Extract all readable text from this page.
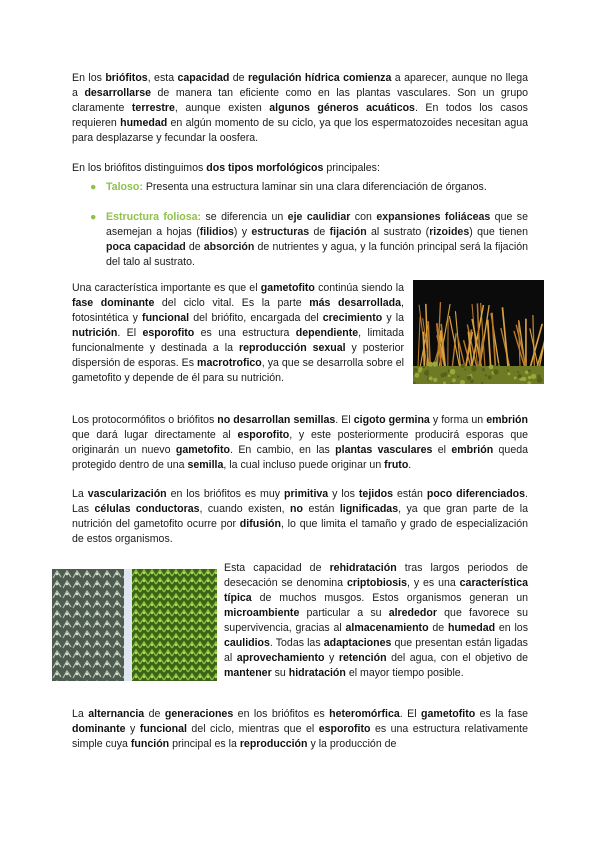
En los briófitos, esta capacidad de regulación hídrica comienza a aparecer, aunque no llega a desarrollarse de manera tan eficiente como en las plantas vasculares. Son un grupo claramente terrestre, aunque existen algunos géneros acuáticos. En todos los casos requieren humedad en algún momento de su ciclo, ya que los espermatozoides necesitan agua para desplazarse y fecundar la oosfera.

En los briófitos distinguimos dos tipos morfológicos principales:

● Taloso: Presenta una estructura laminar sin una clara diferenciación de órganos.
● Estructura foliosa: se diferencia un eje caulidiar con expansiones foliáceas que se asemejan a hojas (filidios) y estructuras de fijación al sustrato (rizoides) que tienen poca capacidad de absorción de nutrientes y agua, y la función principal será la fijación del talo al sustrato.

Una característica importante es que el gametofito continúa siendo la fase dominante del ciclo vital. Es la parte más desarrollada, fotosintética y funcional del briófito, encargada del crecimiento y la nutrición. El esporofito es una estructura dependiente, limitada funcionalmente y destinada a la reproducción sexual y posterior dispersión de esporas. Es macrotrofico, ya que se desarrolla sobre el gametofito y depende de él para su nutrición.

Los protocormófitos o briófitos no desarrollan semillas. El cigoto germina y forma un embrión que dará lugar directamente al esporofito, y este posteriormente producirá esporas que originarán un nuevo gametofito. En cambio, en las plantas vasculares el embrión queda protegido dentro de una semilla, la cual incluso puede originar un fruto.

La vascularización en los briófitos es muy primitiva y los tejidos están poco diferenciados. Las células conductoras, cuando existen, no están lignificadas, ya que gran parte de la nutrición del gametofito ocurre por difusión, lo que limita el tamaño y grado de especialización de estos organismos.

Esta capacidad de rehidratación tras largos periodos de desecación se denomina criptobiosis, y es una característica típica de muchos musgos. Estos organismos generan un microambiente particular a su alrededor que favorece su supervivencia, gracias al almacenamiento de humedad en los caulidios. Todas las adaptaciones que presentan están ligadas al aprovechamiento y retención del agua, con el objetivo de mantener su hidratación el mayor tiempo posible.

La alternancia de generaciones en los briófitos es heteromórfica. El gametofito es la fase dominante y funcional del ciclo, mientras que el esporofito es una estructura relativamente simple cuya función principal es la reproducción y la producción de
